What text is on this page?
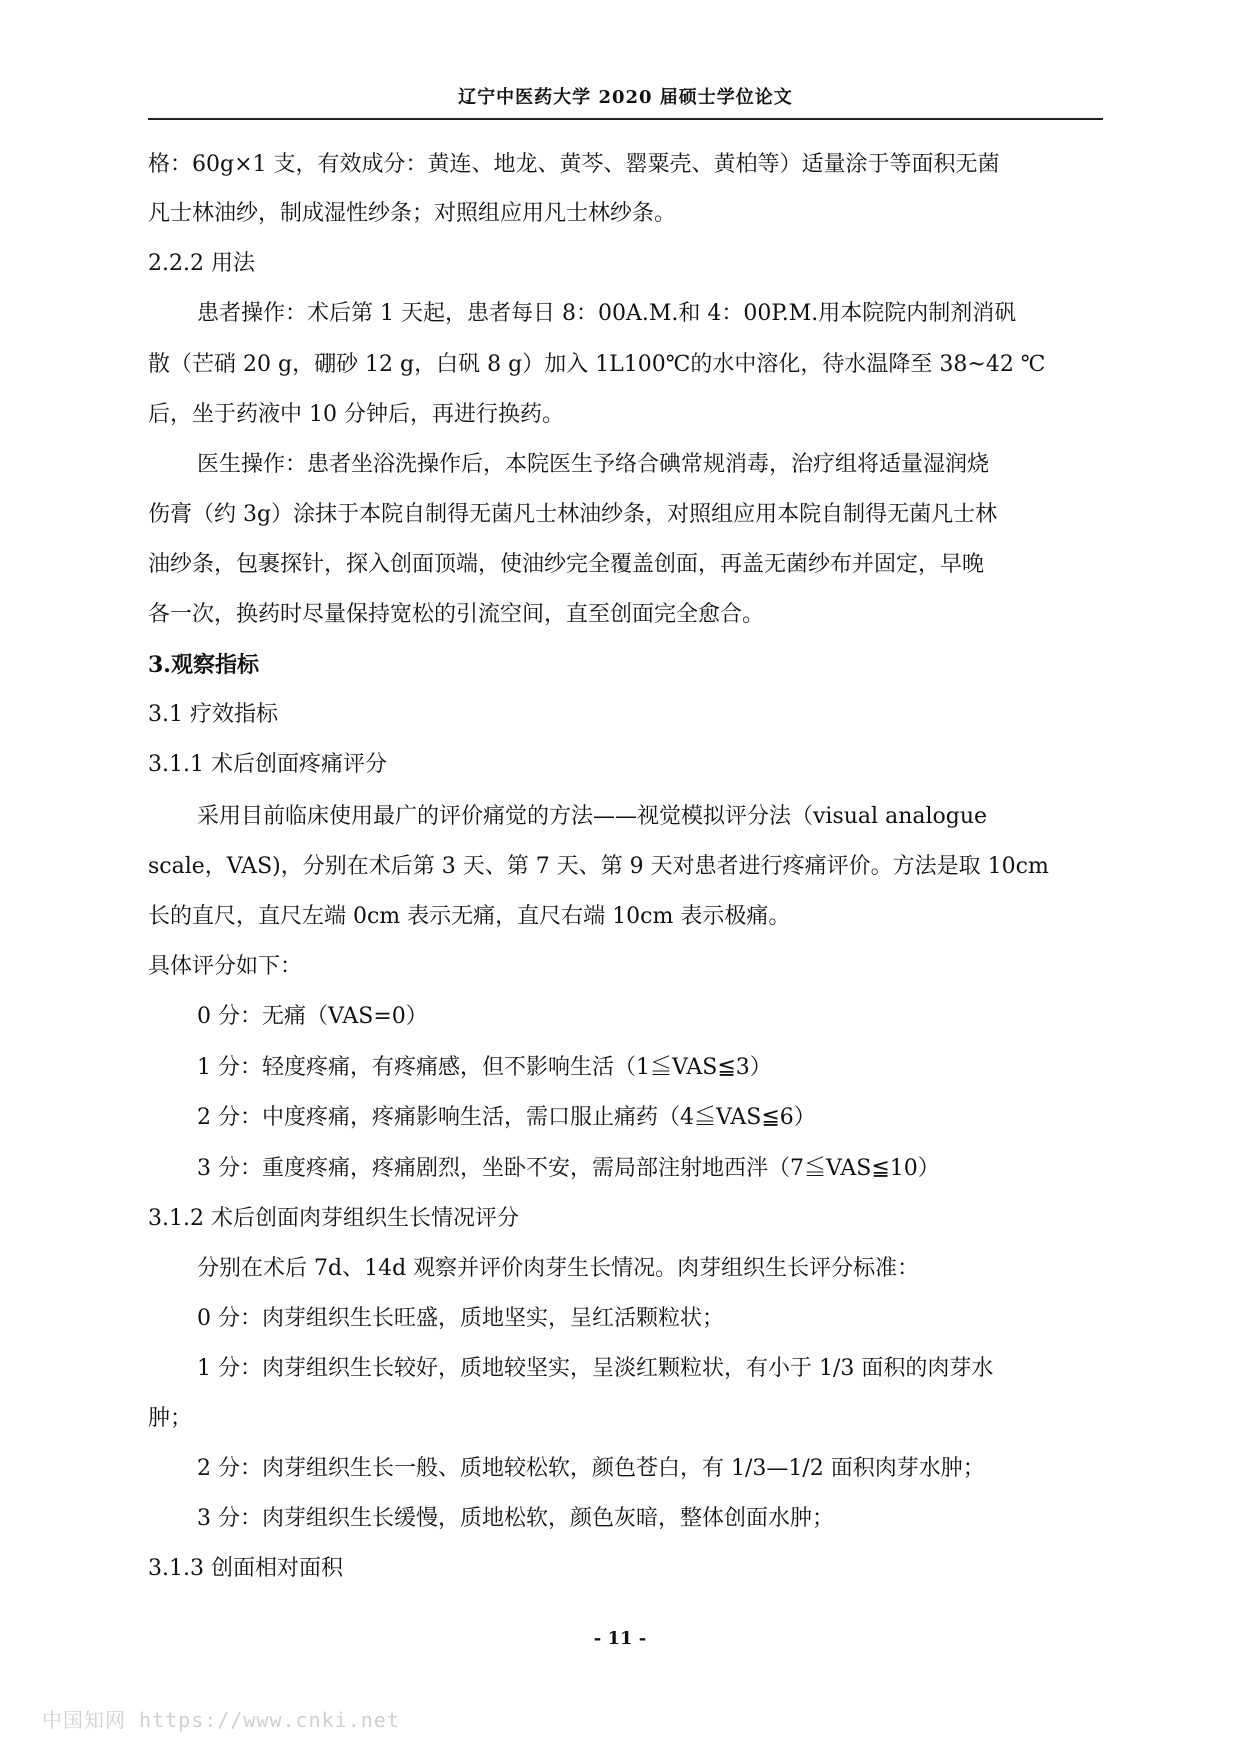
辽宁中医药大学 2020 届硕士学位论文
格：60g×1 支，有效成分：黄连、地龙、黄芩、罂粟壳、黄柏等）适量涂于等面积无菌
凡士林油纱，制成湿性纱条；对照组应用凡士林纱条。
2.2.2 用法
患者操作：术后第 1 天起，患者每日 8：00A.M.和 4：00P.M.用本院院内制剂消矾
散（芒硝 20 g，硼砂 12 g，白矾 8 g）加入 1L100℃的水中溶化，待水温降至 38~42 ℃
后，坐于药液中 10 分钟后，再进行换药。
医生操作：患者坐浴洗操作后，本院医生予络合碘常规消毒，治疗组将适量湿润烧
伤膏（约 3g）涂抹于本院自制得无菌凡士林油纱条，对照组应用本院自制得无菌凡士林
油纱条，包裹探针，探入创面顶端，使油纱完全覆盖创面，再盖无菌纱布并固定，早晚
各一次，换药时尽量保持宽松的引流空间，直至创面完全愈合。
3.观察指标
3.1 疗效指标
3.1.1 术后创面疼痛评分
采用目前临床使用最广的评价痛觉的方法——视觉模拟评分法（visual analogue
scale，VAS)，分别在术后第 3 天、第 7 天、第 9 天对患者进行疼痛评价。方法是取 10cm
长的直尺，直尺左端 0cm 表示无痛，直尺右端 10cm 表示极痛。
具体评分如下：
0 分：无痛（VAS=0）
1 分：轻度疼痛，有疼痛感，但不影响生活（1≦VAS≦3）
2 分：中度疼痛，疼痛影响生活，需口服止痛药（4≦VAS≦6）
3 分：重度疼痛，疼痛剧烈，坐卧不安，需局部注射地西泮（7≦VAS≦10）
3.1.2 术后创面肉芽组织生长情况评分
分别在术后 7d、14d 观察并评价肉芽生长情况。肉芽组织生长评分标准：
0 分：肉芽组织生长旺盛，质地坚实，呈红活颗粒状；
1 分：肉芽组织生长较好，质地较坚实，呈淡红颗粒状，有小于 1/3 面积的肉芽水
肿；
2 分：肉芽组织生长一般、质地较松软，颜色苍白，有 1/3—1/2 面积肉芽水肿；
3 分：肉芽组织生长缓慢，质地松软，颜色灰暗，整体创面水肿；
3.1.3 创面相对面积
- 11 -
中国知网 https://www.cnki.net
